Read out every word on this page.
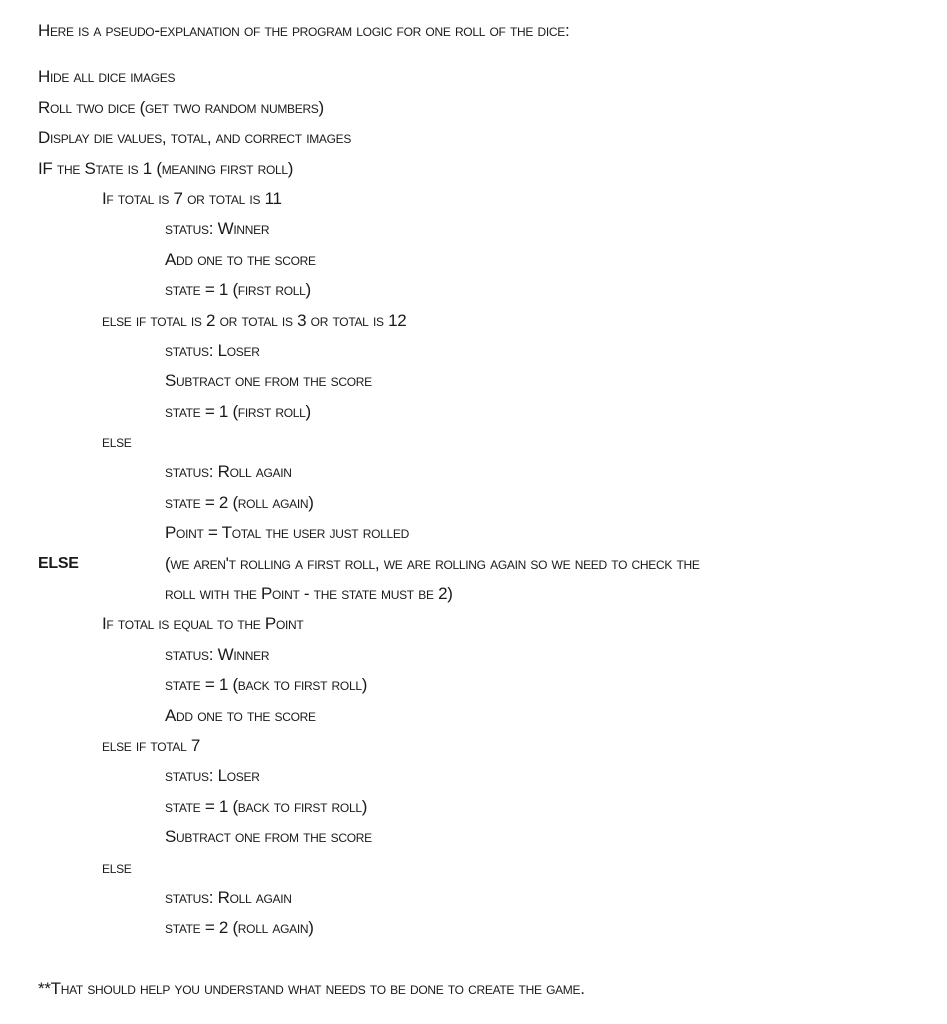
Here is a pseudo-explanation of the program logic for one roll of the dice:
Hide all dice images
Roll two dice (get two random numbers)
Display die values, total, and correct images
IF the State is 1 (meaning first roll)
If total is 7 or total is 11
status: Winner
Add one to the score
state = 1 (first roll)
else if total is 2 or total is 3 or total is 12
status: Loser
Subtract one from the score
state = 1 (first roll)
else
status: Roll again
state = 2 (roll again)
Point = Total the user just rolled
ELSE	(we aren't rolling a first roll, we are rolling again so we need to check the
roll with the Point - the state must be 2)
If total is equal to the Point
status: Winner
state = 1 (back to first roll)
Add one to the score
else if total 7
status: Loser
state = 1 (back to first roll)
Subtract one from the score
else
status: Roll again
state = 2 (roll again)
**That should help you understand what needs to be done to create the game.
